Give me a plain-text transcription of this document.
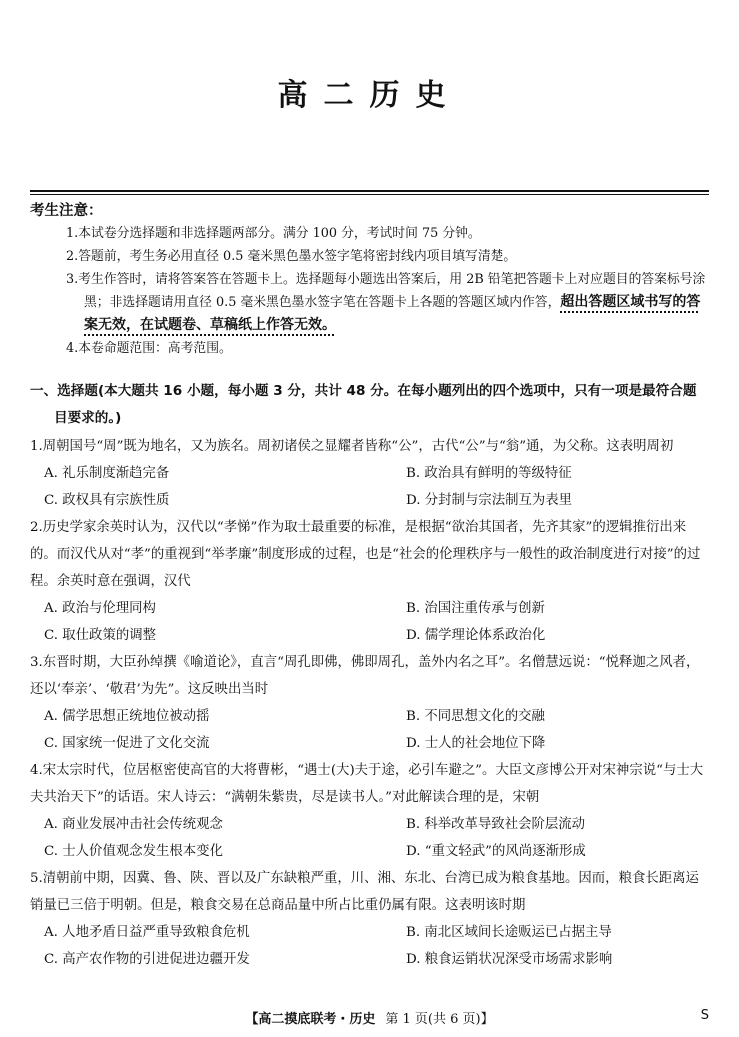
高二历史
考生注意：
1.本试卷分选择题和非选择题两部分。满分 100 分，考试时间 75 分钟。
2.答题前，考生务必用直径 0.5 毫米黑色墨水签字笔将密封线内项目填写清楚。
3.考生作答时，请将答案答在答题卡上。选择题每小题选出答案后，用 2B 铅笔把答题卡上对应题目的答案标号涂黑；非选择题请用直径 0.5 毫米黑色墨水签字笔在答题卡上各题的答题区域内作答，超出答题区域书写的答案无效，在试题卷、草稿纸上作答无效。
4.本卷命题范围：高考范围。
一、选择题(本大题共 16 小题，每小题 3 分，共计 48 分。在每小题列出的四个选项中，只有一项是最符合题目要求的。)
1.周朝国号“周”既为地名，又为族名。周初诸侯之显耀者皆称“公”，古代“公”与“翁”通，为父称。这表明周初
A. 礼乐制度渐趋完备	B. 政治具有鲜明的等级特征
C. 政权具有宗族性质	D. 分封制与宗法制互为表里
2.历史学家余英时认为，汉代以“孝悌”作为取士最重要的标准，是根据“欲治其国者，先齐其家”的逻辑推衍出来的。而汉代从对“孝”的重视到“举孝廉”制度形成的过程，也是“社会的伦理秩序与一般性的政治制度进行对接”的过程。余英时意在强调，汉代
A. 政治与伦理同构	B. 治国注重传承与创新
C. 取仕政策的调整	D. 儒学理论体系政治化
3.东晋时期，大臣孙绰撰《喻道论》，直言“周孔即佛，佛即周孔，盖外内名之耳”。名僧慧远说：“悦释迦之风者，还以‘奉亲’、‘敬君’为先”。这反映出当时
A. 儒学思想正统地位被动摇	B. 不同思想文化的交融
C. 国家统一促进了文化交流	D. 士人的社会地位下降
4.宋太宗时代，位居枢密使高官的大将曹彬，“遇士(大)夫于途，必引车避之”。大臣文彦博公开对宋神宗说“与士大夫共治天下”的话语。宋人诗云：“满朝朱紫贵，尽是读书人。”对此解读合理的是，宋朝
A. 商业发展冲击社会传统观念	B. 科举改革导致社会阶层流动
C. 士人价值观念发生根本变化	D. “重文轻武”的风尚逐渐形成
5.清朝前中期，因冀、鲁、陕、晋以及广东缺粮严重，川、湘、东北、台湾已成为粮食基地。因而，粮食长距离运销量已三倍于明朝。但是，粮食交易在总商品量中所占比重仍属有限。这表明该时期
A. 人地矛盾日益严重导致粮食危机	B. 南北区域间长途贩运已占据主导
C. 高产农作物的引进促进边疆开发	D. 粮食运销状况深受市场需求影响
【高二摸底联考・历史 第 1 页(共 6 页)】	S
